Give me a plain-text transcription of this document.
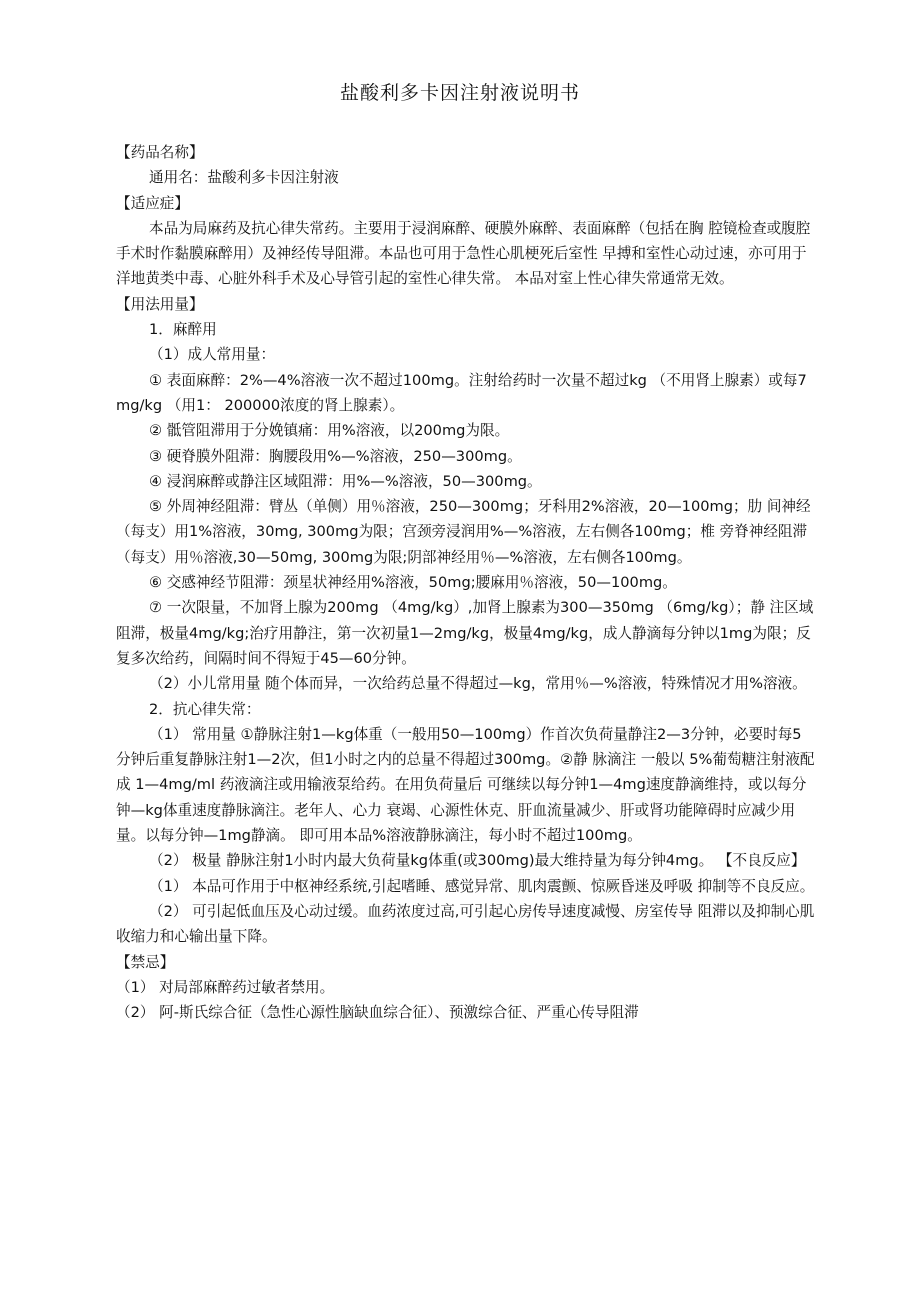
盐酸利多卡因注射液说明书

【药品名称】

通用名：盐酸利多卡因注射液

【适应症】

本品为局麻药及抗心律失常药。主要用于浸润麻醉、硬膜外麻醉、表面麻醉（包括在胸 腔镜检查或腹腔手术时作黏膜麻醉用）及神经传导阻滞。本品也可用于急性心肌梗死后室性 早搏和室性心动过速，亦可用于洋地黄类中毒、心脏外科手术及心导管引起的室性心律失常。 本品对室上性心律失常通常无效。

【用法用量】

1．麻醉用

（1）成人常用量：

① 表面麻醉：2%—4%溶液一次不超过100mg。注射给药时一次量不超过kg （不用肾上腺素）或每7mg/kg （用1： 200000浓度的肾上腺素）。

② 骶管阻滞用于分娩镇痛：用%溶液，以200mg为限。

③ 硬脊膜外阻滞：胸腰段用%—%溶液，250—300mg。

④ 浸润麻醉或静注区域阻滞：用%—%溶液，50—300mg。

⑤ 外周神经阻滞：臂丛（单侧）用％溶液，250—300mg；牙科用2%溶液，20—100mg；肋 间神经（每支）用1%溶液，30mg, 300mg为限；宫颈旁浸润用%—%溶液，左右侧各100mg；椎 旁脊神经阻滞（每支）用％溶液,30—50mg, 300mg为限;阴部神经用％—%溶液，左右侧各100mg。

⑥ 交感神经节阻滞：颈星状神经用%溶液，50mg;腰麻用％溶液，50—100mg。

⑦ 一次限量，不加肾上腺为200mg （4mg/kg）,加肾上腺素为300—350mg （6mg/kg）；静 注区域阻滞，极量4mg/kg;治疗用静注，第一次初量1—2mg/kg，极量4mg/kg，成人静滴每分钟以1mg为限；反复多次给药，间隔时间不得短于45—60分钟。

（2）小儿常用量 随个体而异，一次给药总量不得超过—kg，常用％—%溶液，特殊情况才用%溶液。

2．抗心律失常：

（1） 常用量 ①静脉注射1—kg体重（一般用50—100mg）作首次负荷量静注2—3分钟，必要时每5分钟后重复静脉注射1—2次，但1小时之内的总量不得超过300mg。②静 脉滴注 一般以 5%葡萄糖注射液配成 1—4mg/ml 药液滴注或用输液泵给药。在用负荷量后 可继续以每分钟1—4mg速度静滴维持，或以每分钟—kg体重速度静脉滴注。老年人、心力 衰竭、心源性休克、肝血流量减少、肝或肾功能障碍时应减少用量。以每分钟—1mg静滴。 即可用本品%溶液静脉滴注，每小时不超过100mg。

（2） 极量 静脉注射1小时内最大负荷量kg体重(或300mg)最大维持量为每分钟4mg。 【不良反应】

（1） 本品可作用于中枢神经系统,引起嗜睡、感觉异常、肌肉震颤、惊厥昏迷及呼吸 抑制等不良反应。

（2） 可引起低血压及心动过缓。血药浓度过高,可引起心房传导速度减慢、房室传导 阻滞以及抑制心肌收缩力和心输出量下降。

【禁忌】

（1） 对局部麻醉药过敏者禁用。

（2） 阿-斯氏综合征（急性心源性脑缺血综合征）、预激综合征、严重心传导阻滞
